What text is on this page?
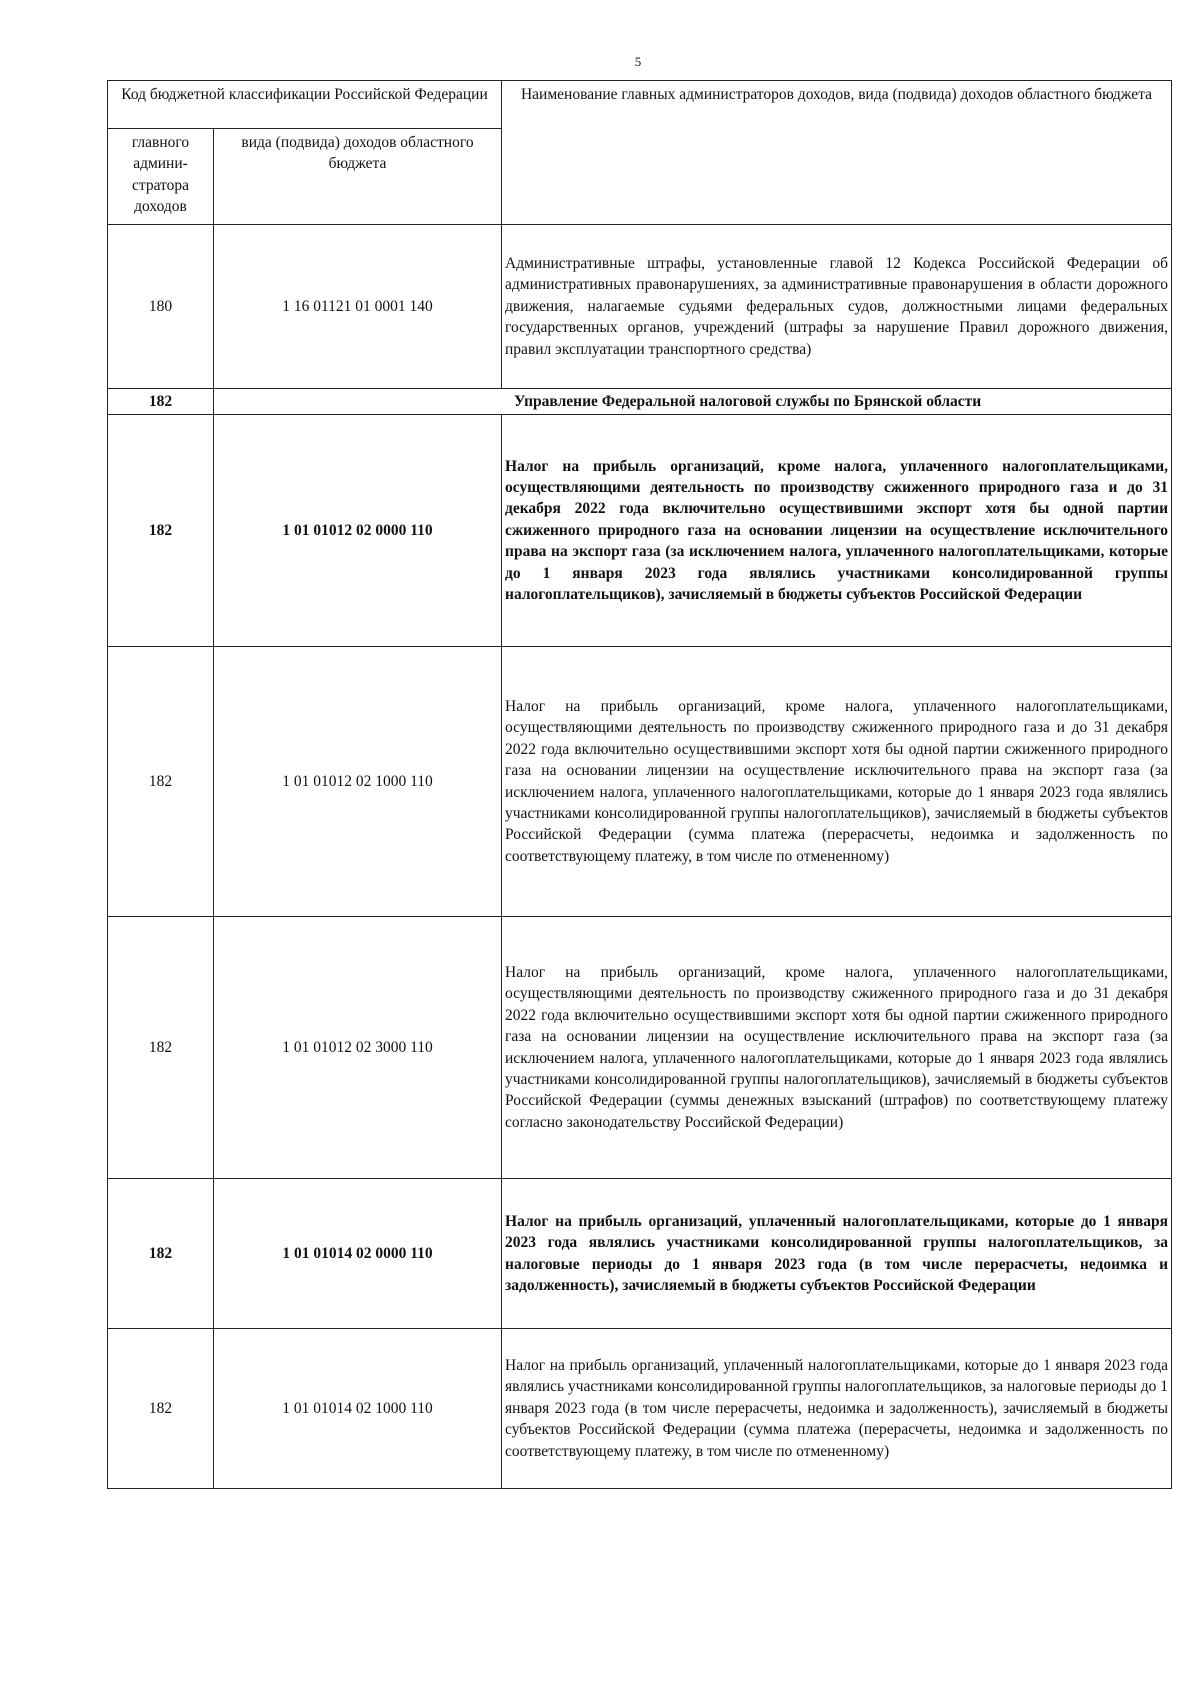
5
Код бюджетной классификации Российской Федерации		Наименование главных администраторов доходов, вида (подвида) доходов областного бюджета
главного админи-стратора доходов	вида (подвида) доходов областного бюджета	
180	1 16 01121 01 0001 140	Административные штрафы, установленные главой 12 Кодекса Российской Федерации об административных правонарушениях, за административные правонарушения в области дорожного движения, налагаемые судьями федеральных судов, должностными лицами федеральных государственных органов, учреждений (штрафы за нарушение Правил дорожного движения, правил эксплуатации транспортного средства)
182	Управление Федеральной налоговой службы по Брянской области	
182	1 01 01012 02 0000 110	Налог на прибыль организаций, кроме налога, уплаченного налогоплательщиками, осуществляющими деятельность по производству сжиженного природного газа и до 31 декабря 2022 года включительно осуществившими экспорт хотя бы одной партии сжиженного природного газа на основании лицензии на осуществление исключительного права на экспорт газа (за исключением налога, уплаченного налогоплательщиками, которые до 1 января 2023 года являлись участниками консолидированной группы налогоплательщиков), зачисляемый в бюджеты субъектов Российской Федерации
182	1 01 01012 02 1000 110	Налог на прибыль организаций, кроме налога, уплаченного налогоплательщиками, осуществляющими деятельность по производству сжиженного природного газа и до 31 декабря 2022 года включительно осуществившими экспорт хотя бы одной партии сжиженного природного газа на основании лицензии на осуществление исключительного права на экспорт газа (за исключением налога, уплаченного налогоплательщиками, которые до 1 января 2023 года являлись участниками консолидированной группы налогоплательщиков), зачисляемый в бюджеты субъектов Российской Федерации (сумма платежа (перерасчеты, недоимка и задолженность по соответствующему платежу, в том числе по отмененному)
182	1 01 01012 02 3000 110	Налог на прибыль организаций, кроме налога, уплаченного налогоплательщиками, осуществляющими деятельность по производству сжиженного природного газа и до 31 декабря 2022 года включительно осуществившими экспорт хотя бы одной партии сжиженного природного газа на основании лицензии на осуществление исключительного права на экспорт газа (за исключением налога, уплаченного налогоплательщиками, которые до 1 января 2023 года являлись участниками консолидированной группы налогоплательщиков), зачисляемый в бюджеты субъектов Российской Федерации (суммы денежных взысканий (штрафов) по соответствующему платежу согласно законодательству Российской Федерации)
182	1 01 01014 02 0000 110	Налог на прибыль организаций, уплаченный налогоплательщиками, которые до 1 января 2023 года являлись участниками консолидированной группы налогоплательщиков, за налоговые периоды до 1 января 2023 года (в том числе перерасчеты, недоимка и задолженность), зачисляемый в бюджеты субъектов Российской Федерации
182	1 01 01014 02 1000 110	Налог на прибыль организаций, уплаченный налогоплательщиками, которые до 1 января 2023 года являлись участниками консолидированной группы налогоплательщиков, за налоговые периоды до 1 января 2023 года (в том числе перерасчеты, недоимка и задолженность), зачисляемый в бюджеты субъектов Российской Федерации (сумма платежа (перерасчеты, недоимка и задолженность по соответствующему платежу, в том числе по отмененному)
